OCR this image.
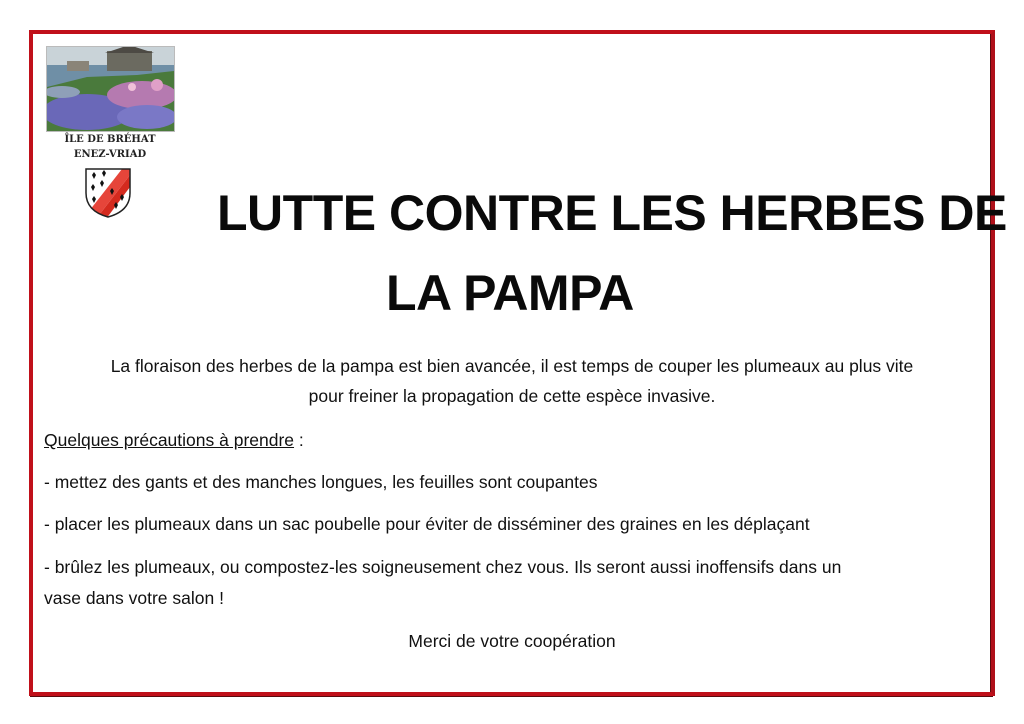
ÎLE DE BRÉHAT
ENEZ-VRIAD
LUTTE CONTRE LES HERBES DE
LA PAMPA
La floraison des herbes de la pampa est bien avancée, il est temps de couper les plumeaux au plus vite
pour freiner la propagation de cette espèce invasive.
Quelques précautions à prendre :
- mettez des gants et des manches longues, les feuilles sont coupantes
- placer les plumeaux dans un sac poubelle pour éviter de disséminer des graines en les déplaçant
- brûlez les plumeaux, ou compostez-les soigneusement chez vous. Ils seront aussi inoffensifs dans un
vase dans votre salon !
Merci de votre coopération
